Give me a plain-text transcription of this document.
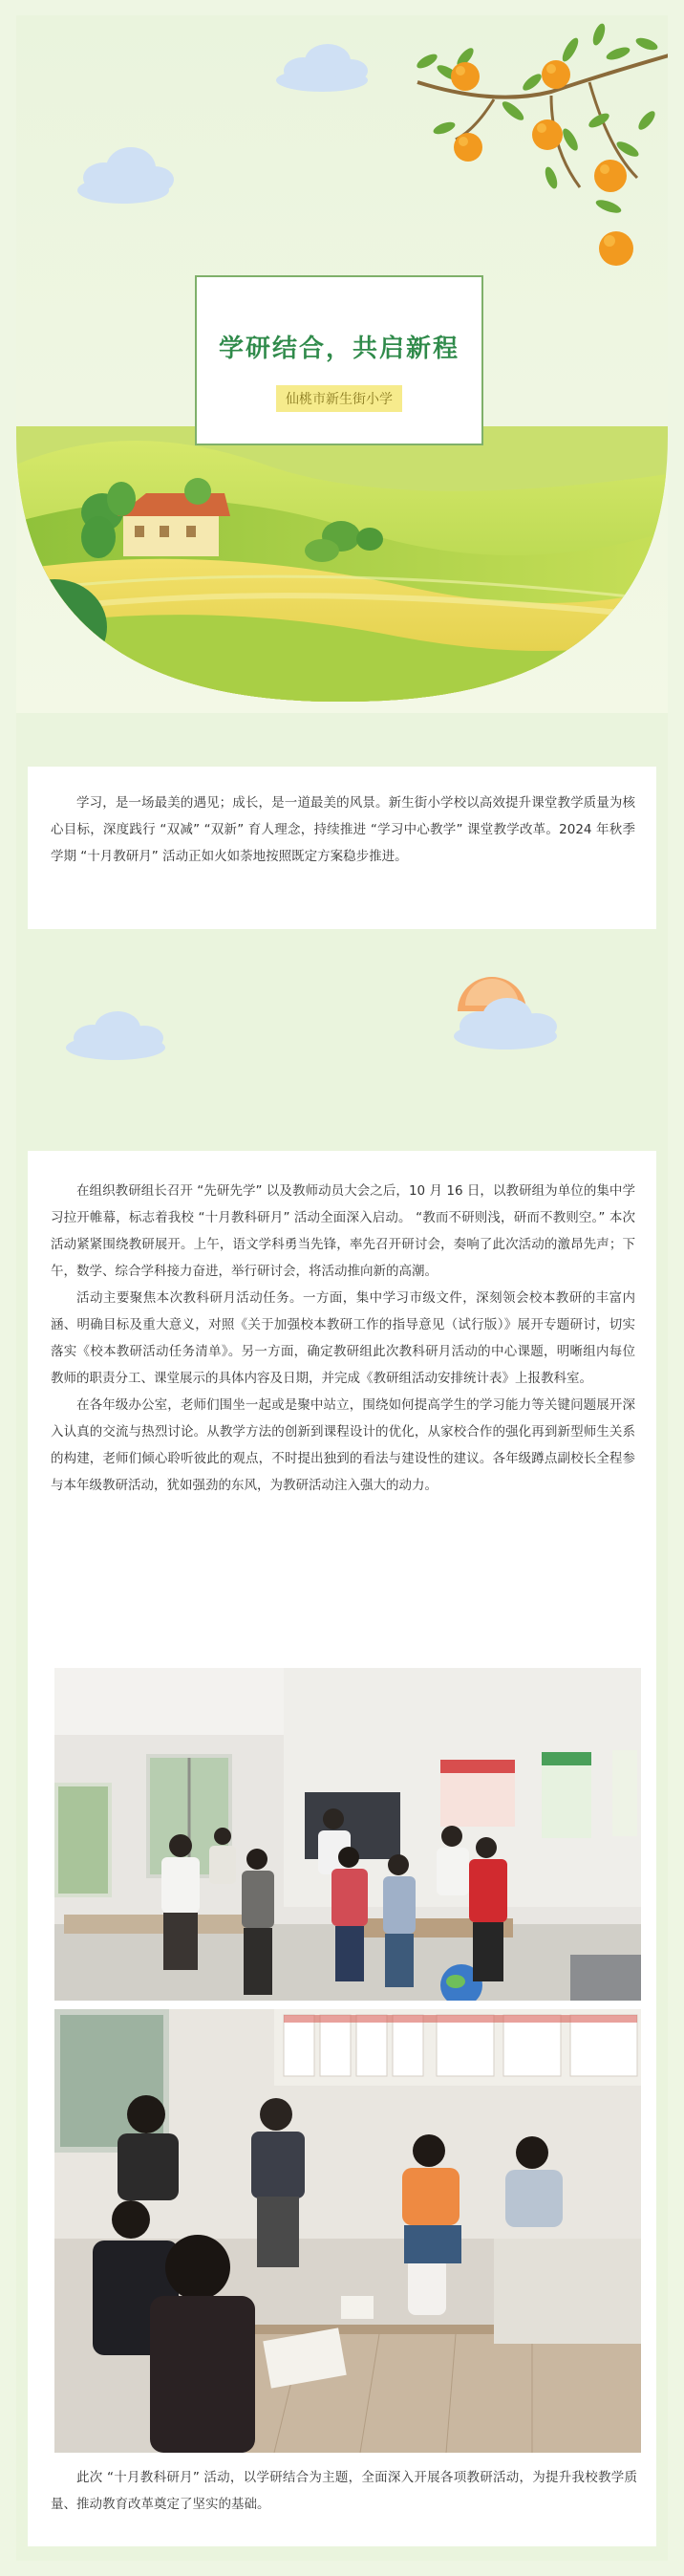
学研结合，共启新程
仙桃市新生街小学

学习，是一场最美的遇见；成长，是一道最美的风景。新生街小学校以高效提升课堂教学质量为核心目标，深度践行 “双减” “双新” 育人理念，持续推进 “学习中心教学” 课堂教学改革。2024 年秋季学期 “十月教研月” 活动正如火如荼地按照既定方案稳步推进。

在组织教研组长召开 “先研先学” 以及教师动员大会之后，10 月 16 日，以教研组为单位的集中学习拉开帷幕，标志着我校 “十月教科研月” 活动全面深入启动。 “教而不研则浅，研而不教则空。” 本次活动紧紧围绕教研展开。上午，语文学科勇当先锋，率先召开研讨会，奏响了此次活动的激昂先声；下午，数学、综合学科接力奋进，举行研讨会，将活动推向新的高潮。

活动主要聚焦本次教科研月活动任务。一方面，集中学习市级文件，深刻领会校本教研的丰富内涵、明确目标及重大意义，对照《关于加强校本教研工作的指导意见（试行版）》展开专题研讨，切实落实《校本教研活动任务清单》。另一方面，确定教研组此次教科研月活动的中心课题，明晰组内每位教师的职责分工、课堂展示的具体内容及日期，并完成《教研组活动安排统计表》上报教科室。

在各年级办公室，老师们围坐一起或是聚中站立，围绕如何提高学生的学习能力等关键问题展开深入认真的交流与热烈讨论。从教学方法的创新到课程设计的优化，从家校合作的强化再到新型师生关系的构建，老师们倾心聆听彼此的观点，不时提出独到的看法与建设性的建议。各年级蹲点副校长全程参与本年级教研活动，犹如强劲的东风，为教研活动注入强大的动力。

此次 “十月教科研月” 活动，以学研结合为主题，全面深入开展各项教研活动，为提升我校教学质量、推动教育改革奠定了坚实的基础。
